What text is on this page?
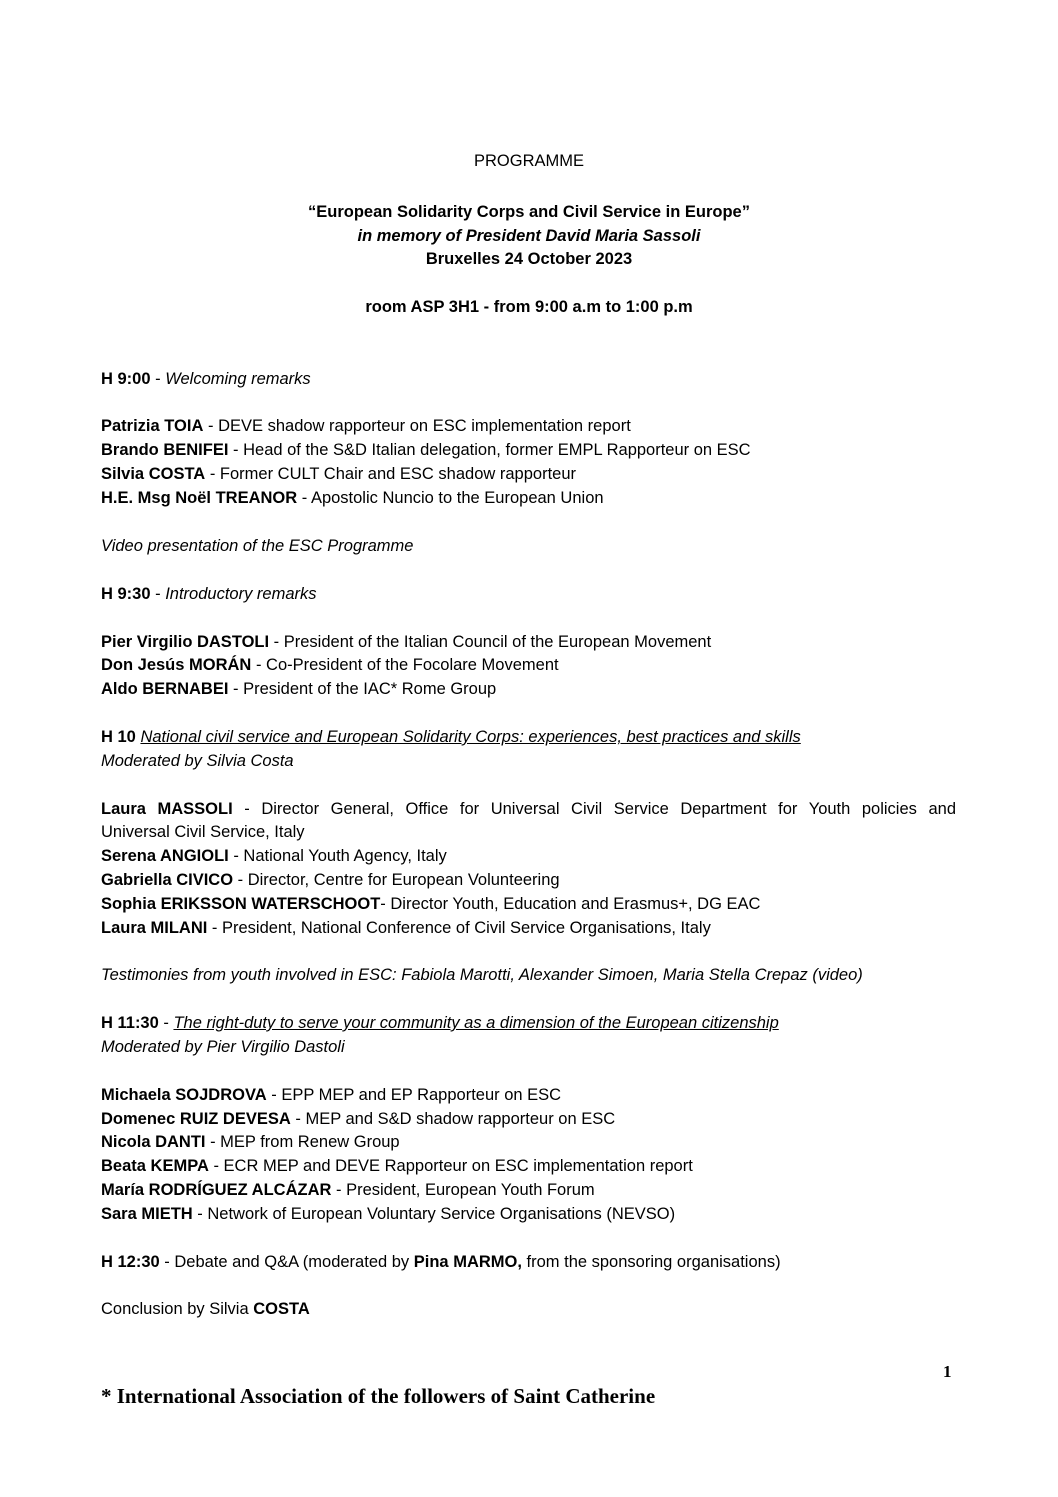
PROGRAMME
“European Solidarity Corps and Civil Service in Europe”
in memory of President David Maria Sassoli
Bruxelles 24 October 2023
room ASP 3H1 - from 9:00 a.m to 1:00 p.m
H 9:00 - Welcoming remarks
Patrizia TOIA - DEVE shadow rapporteur on ESC implementation report
Brando BENIFEI - Head of the S&D Italian delegation, former EMPL Rapporteur on ESC
Silvia COSTA - Former CULT Chair and ESC shadow rapporteur
H.E. Msg Noël TREANOR - Apostolic Nuncio to the European Union
Video presentation of the ESC Programme
H 9:30 - Introductory remarks
Pier Virgilio DASTOLI - President of the Italian Council of the European Movement
Don Jesús MORÁN - Co-President of the Focolare Movement
Aldo BERNABEI - President of the IAC* Rome Group
H 10 National civil service and European Solidarity Corps: experiences, best practices and skills
Moderated by Silvia Costa
Laura MASSOLI - Director General, Office for Universal Civil Service Department for Youth policies and
Universal Civil Service, Italy
Serena ANGIOLI - National Youth Agency, Italy
Gabriella CIVICO - Director, Centre for European Volunteering
Sophia ERIKSSON WATERSCHOOT- Director Youth, Education and Erasmus+, DG EAC
Laura MILANI - President, National Conference of Civil Service Organisations, Italy
Testimonies from youth involved in ESC: Fabiola Marotti, Alexander Simoen, Maria Stella Crepaz (video)
H 11:30 - The right-duty to serve your community as a dimension of the European citizenship
Moderated by Pier Virgilio Dastoli
Michaela SOJDROVA - EPP MEP and EP Rapporteur on ESC
Domenec RUIZ DEVESA - MEP and S&D shadow rapporteur on ESC
Nicola DANTI - MEP from Renew Group
Beata KEMPA - ECR MEP and DEVE Rapporteur on ESC implementation report
María RODRÍGUEZ ALCÁZAR - President, European Youth Forum
Sara MIETH - Network of European Voluntary Service Organisations (NEVSO)
H 12:30 - Debate and Q&A (moderated by Pina MARMO, from the sponsoring organisations)
Conclusion by Silvia COSTA
1
* International Association of the followers of Saint Catherine
